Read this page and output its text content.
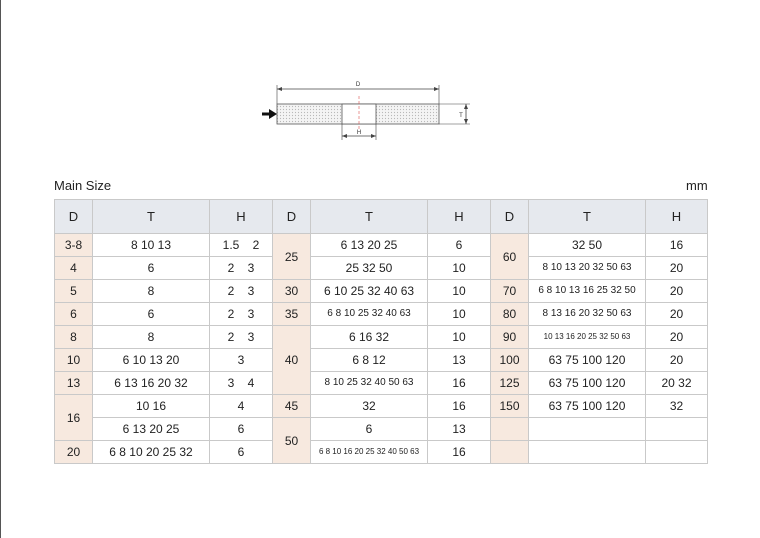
D
H
T
Main Size	mm
D	T	H	D	T	H	D	T	H
3-8	8 10 13	1.5    2	25	6 13 20 25	6	60	32 50	16
4	6	2    3		25 32 50	10		8 10 13 20 32 50 63	20
5	8	2    3	30	6 10 25 32 40 63	10	70	6 8 10 13 16 25 32 50	20
6	6	2    3	35	6 8 10 25 32 40 63	10	80	8 13 16 20 32 50 63	20
8	8	2    3	40	6 16 32	10	90	10 13 16 20 25 32 50 63	20
10	6 10 13 20	3		6 8 12	13	100	63 75 100 120	20
13	6 13 16 20 32	3    4		8 10 25 32 40 50 63	16	125	63 75 100 120	20 32
16	10 16	4	45	32	16	150	63 75 100 120	32
	6 13 20 25	6	50	6	13			
20	6 8 10 20 25 32	6		6 8 10 16 20 25 32 40 50 63	16			
